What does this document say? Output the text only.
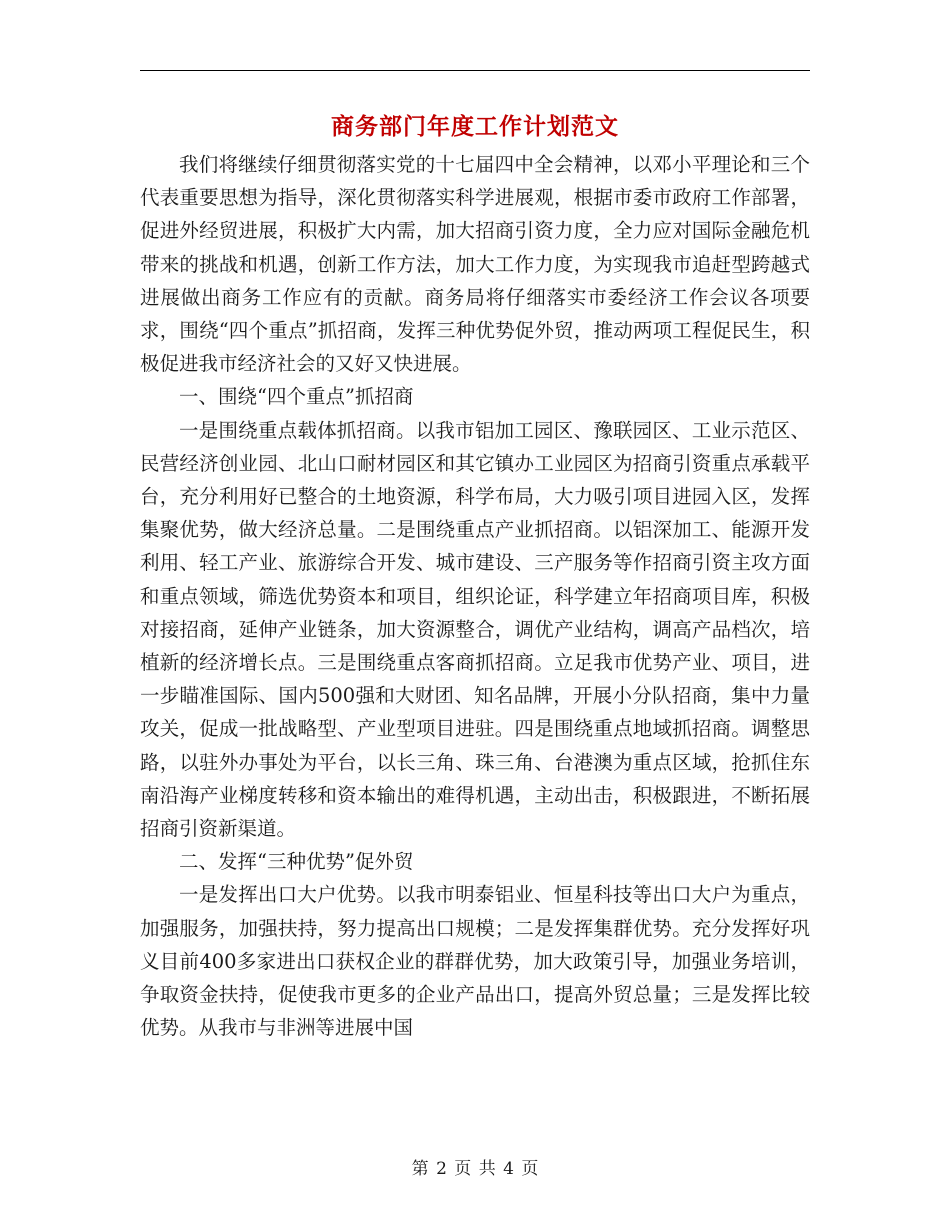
商务部门年度工作计划范文

我们将继续仔细贯彻落实党的十七届四中全会精神，以邓小平理论和三个代表重要思想为指导，深化贯彻落实科学进展观，根据市委市政府工作部署，促进外经贸进展，积极扩大内需，加大招商引资力度，全力应对国际金融危机带来的挑战和机遇，创新工作方法，加大工作力度，为实现我市追赶型跨越式进展做出商务工作应有的贡献。商务局将仔细落实市委经济工作会议各项要求，围绕“四个重点”抓招商，发挥三种优势促外贸，推动两项工程促民生，积极促进我市经济社会的又好又快进展。

一、围绕“四个重点”抓招商

一是围绕重点载体抓招商。以我市铝加工园区、豫联园区、工业示范区、民营经济创业园、北山口耐材园区和其它镇办工业园区为招商引资重点承载平台，充分利用好已整合的土地资源，科学布局，大力吸引项目进园入区，发挥集聚优势，做大经济总量。二是围绕重点产业抓招商。以铝深加工、能源开发利用、轻工产业、旅游综合开发、城市建设、三产服务等作招商引资主攻方面和重点领域，筛选优势资本和项目，组织论证，科学建立年招商项目库，积极对接招商，延伸产业链条，加大资源整合，调优产业结构，调高产品档次，培植新的经济增长点。三是围绕重点客商抓招商。立足我市优势产业、项目，进一步瞄准国际、国内500强和大财团、知名品牌，开展小分队招商，集中力量攻关，促成一批战略型、产业型项目进驻。四是围绕重点地域抓招商。调整思路，以驻外办事处为平台，以长三角、珠三角、台港澳为重点区域，抢抓住东南沿海产业梯度转移和资本输出的难得机遇，主动出击，积极跟进，不断拓展招商引资新渠道。

二、发挥“三种优势”促外贸

一是发挥出口大户优势。以我市明泰铝业、恒星科技等出口大户为重点，加强服务，加强扶持，努力提高出口规模；二是发挥集群优势。充分发挥好巩义目前400多家进出口获权企业的群群优势，加大政策引导，加强业务培训，争取资金扶持，促使我市更多的企业产品出口，提高外贸总量；三是发挥比较优势。从我市与非洲等进展中国

第 2 页 共 4 页
